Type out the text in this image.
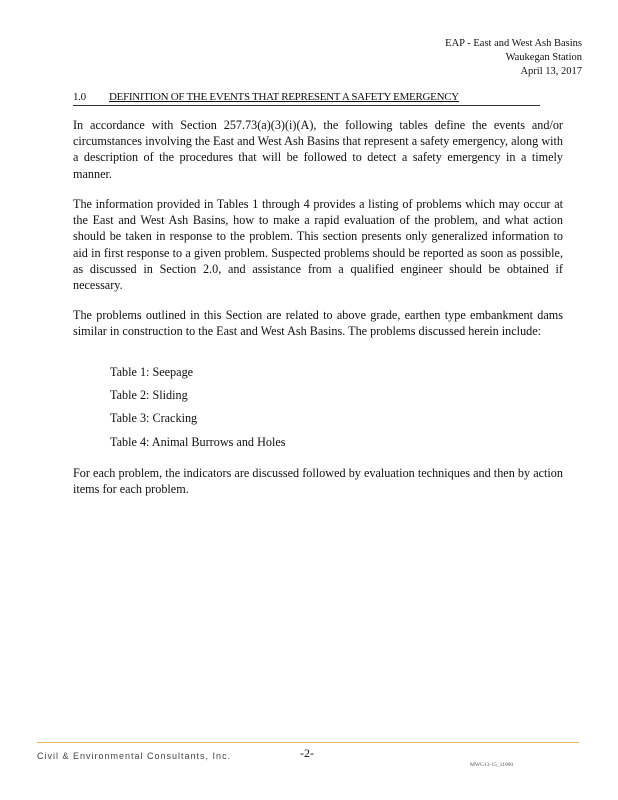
EAP - East and West Ash Basins
Waukegan Station
April 13, 2017
1.0 DEFINITION OF THE EVENTS THAT REPRESENT A SAFETY EMERGENCY
In accordance with Section 257.73(a)(3)(i)(A), the following tables define the events and/or circumstances involving the East and West Ash Basins that represent a safety emergency, along with a description of the procedures that will be followed to detect a safety emergency in a timely manner.
The information provided in Tables 1 through 4 provides a listing of problems which may occur at the East and West Ash Basins, how to make a rapid evaluation of the problem, and what action should be taken in response to the problem. This section presents only generalized information to aid in first response to a given problem. Suspected problems should be reported as soon as possible, as discussed in Section 2.0, and assistance from a qualified engineer should be obtained if necessary.
The problems outlined in this Section are related to above grade, earthen type embankment dams similar in construction to the East and West Ash Basins. The problems discussed herein include:
Table 1: Seepage
Table 2: Sliding
Table 3: Cracking
Table 4: Animal Burrows and Holes
For each problem, the indicators are discussed followed by evaluation techniques and then by action items for each problem.
Civil & Environmental Consultants, Inc.	-2-
MWG13-15_11000
